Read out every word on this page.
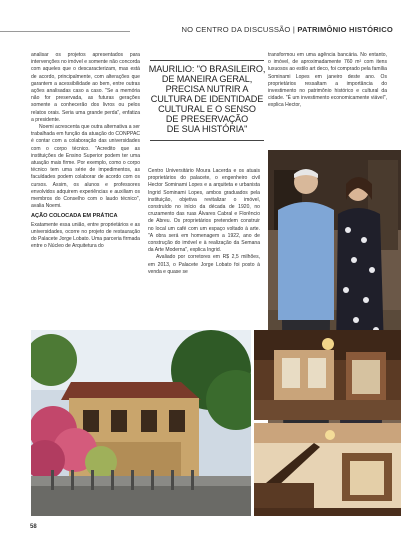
NO CENTRO DA DISCUSSÃO | PATRIMÔNIO HISTÓRICO

analisar os projetos apresentados para intervenções no imóvel e somente não concorda com aqueles que o descaracterizam, mas está de acordo, principalmente, com alterações que garantem a acessibilidade ao bem, entre outras ações analisadas caso a caso. "Se a memória não for preservada, as futuras gerações somente a conhecerão dos livros ou pelos relatos orais. Seria uma grande perda", enfatiza a presidente.

Noemi acrescenta que outra alternativa a ser trabalhada em função da atuação do CONPPAC é contar com a colaboração das universidades com o corpo técnico. "Acredito que as instituições de Ensino Superior podem ter uma atuação mais firme. Por exemplo, como o corpo técnico tem uma série de impedimentos, as faculdades podem colaborar de acordo com os cursos. Assim, os alunos e professores envolvidos adquirem experiências e auxiliam os membros do Conselho com o laudo técnico", avalia Noemi.

AÇÃO COLOCADA EM PRÁTICA

Exatamente essa união, entre proprietários e as universidades, ocorre no projeto de restauração do Palacete Jorge Lobato. Uma parceria firmada entre o Núcleo de Arquitetura do

MAURILIO: "O BRASILEIRO,
DE MANEIRA GERAL,
PRECISA NUTRIR A
CULTURA DE IDENTIDADE
CULTURAL E O SENSO
DE PRESERVAÇÃO
DE SUA HISTÓRIA"

Centro Universitário Moura Lacerda e os atuais proprietários do palacete, o engenheiro civil Hector Sominami Lopes e a arquiteta e urbanista Ingrid Sominami Lopes, ambos graduados pela instituição, objetiva revitalizar o imóvel, construído no início da década de 1920, no cruzamento das ruas Álvares Cabral e Florêncio de Abreu. Os proprietários pretendem construir no local um café com um espaço voltado à arte. "A obra será em homenagem a 1922, ano de construção do imóvel e à realização da Semana da Arte Moderna", explica Ingrid.

Avaliado por corretores em R$ 2,5 milhões, em 2013, o Palacete Jorge Lobato foi posto à venda e quase se

transformou em uma agência bancária. No entanto, o imóvel, de aproximadamente 760 m² com itens luxuosos ao estilo art deco, foi comprado pela família Sominami Lopes em janeiro deste ano. Os proprietários ressaltam a importância do investimento no patrimônio histórico e cultural da cidade. "É um investimento economicamente viável", explica Hector,

58
